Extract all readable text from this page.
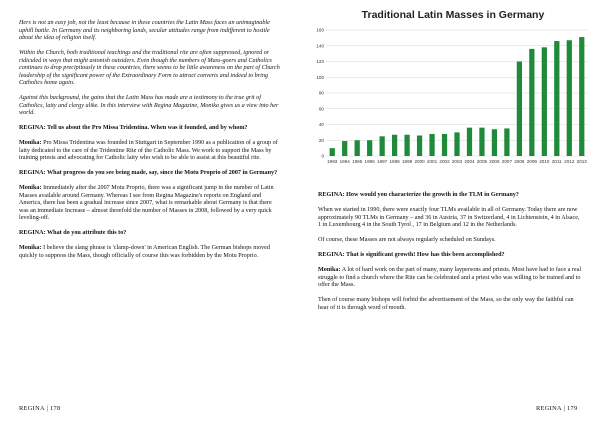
Hers is not an easy job, not the least because in these countries the Latin Mass faces an unimaginable uphill battle. In Germany and its neighboring lands, secular attitudes range from indifferent to hostile about the idea of religion itself.

Within the Church, both traditional teachings and the traditional rite are often suppressed, ignored or ridiculed in ways that might astonish outsiders. Even though the numbers of Mass-goers and Catholics continues to drop precipitously in these countries, there seems to be little awareness on the part of Church leadership of the significant power of the Extraordinary Form to attract converts and indeed to bring Catholics home again.

Against this background, the gains that the Latin Mass has made are a testimony to the true grit of Catholics, laity and clergy alike. In this interview with Regina Magazine, Monika gives us a view into her world.

REGINA: Tell us about the Pro Missa Tridentina. When was it founded, and by whom?

Monika: Pro Missa Tridentina was founded in Stuttgart in September 1990 as a publication of a group of laity dedicated to the care of the Tridentine Rite of the Catholic Mass. We work to support the Mass by training priests and advocating for Catholic laity who wish to be able to assist at this beautiful rite.

REGINA: What progress do you see being made, say, since the Motu Proprio of 2007 in Germany?

Monika: Immediately after the 2007 Motu Proprio, there was a significant jump in the number of Latin Masses available around Germany. Whereas I see from Regina Magazine's reports on England and America, there has been a gradual increase since 2007, what is remarkable about Germany is that there was an immediate Increase – almost threefold the number of Masses in 2008, followed by a very quick leveling-off.

REGINA: What do you attribute this to?

Monika: I believe the slang phrase is 'clamp-down' in American English. The German bishops moved quickly to suppress the Mass, though officially of course this was forbidden by the Motu Proprio.

REGINA | 178
Traditional Latin Masses in Germany
0
20
40
60
80
100
120
140
160
1993 1994 1995 1996 1997 1998 1999 2000 2001 2002 2003 2004 2005 2006 2007 2008 2009 2010 2011 2012 2013

REGINA: How would you characterize the growth in the TLM in Germany?

When we started in 1990, there were exactly four TLMs available in all of Germany. Today there are now approximately 90 TLMs in Germany – and 36 in Austria, 37 in Switzerland, 4 in Lichtenstein, 4 in Alsace, 1 in Luxembourg 4 in the South Tyrol , 17 in Belgium and 12 in the Netherlands.

Of course, these Masses are not always regularly scheduled on Sundays.

REGINA: That is significant growth! How has this been accomplished?

Monika: A lot of hard work on the part of many, many laypersons and priests. Most have had to face a real struggle to find a church where the Rite can be celebrated and a priest who was willing to be trained and to offer the Mass.

Then of course many bishops will forbid the advertisement of the Mass, so the only way the faithful can hear of it is through word of mouth.

REGINA | 179
